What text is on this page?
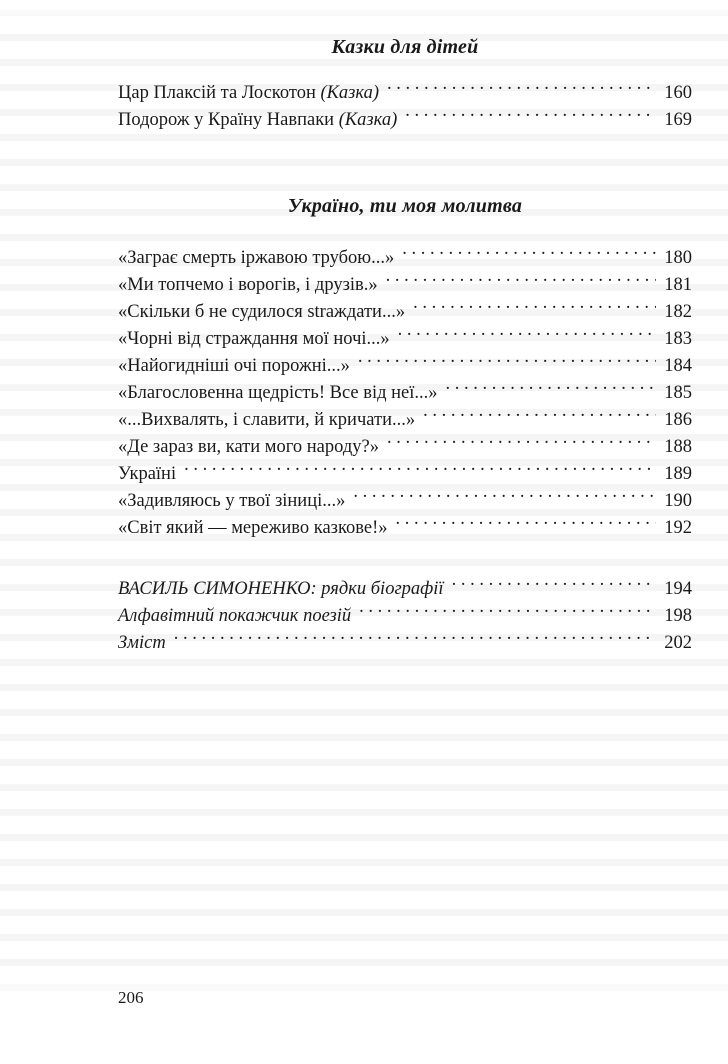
Казки для дітей
Цар Плаксій та Лоскотон (Казка) . . .	160
Подорож у Країну Навпаки (Казка) . . .	169
Україно, ти моя молитва
«Заграє смерть іржавою трубою...» . . .	180
«Ми топчемо і ворогів, і друзів.» . . .	181
«Скільки б не судилося straждати...» . . .	182
«Чорні від страждання мої ночі...» . . .	183
«Найогидніші очі порожні...» . . .	184
«Благословенна щедрість! Все від неї...» . . .	185
«...Вихвалять, і славити, й кричати...» . . .	186
«Де зараз ви, кати мого народу?» . . .	188
Україні . . .	189
«Задивляюсь у твої зіниці...» . . .	190
«Світ який — мереживо казкове!» . . .	192
ВАСИЛЬ СИМОНЕНКО: рядки біографії . . .	194
Алфавітний покажчик поезій . . .	198
Зміст . . .	202
206
